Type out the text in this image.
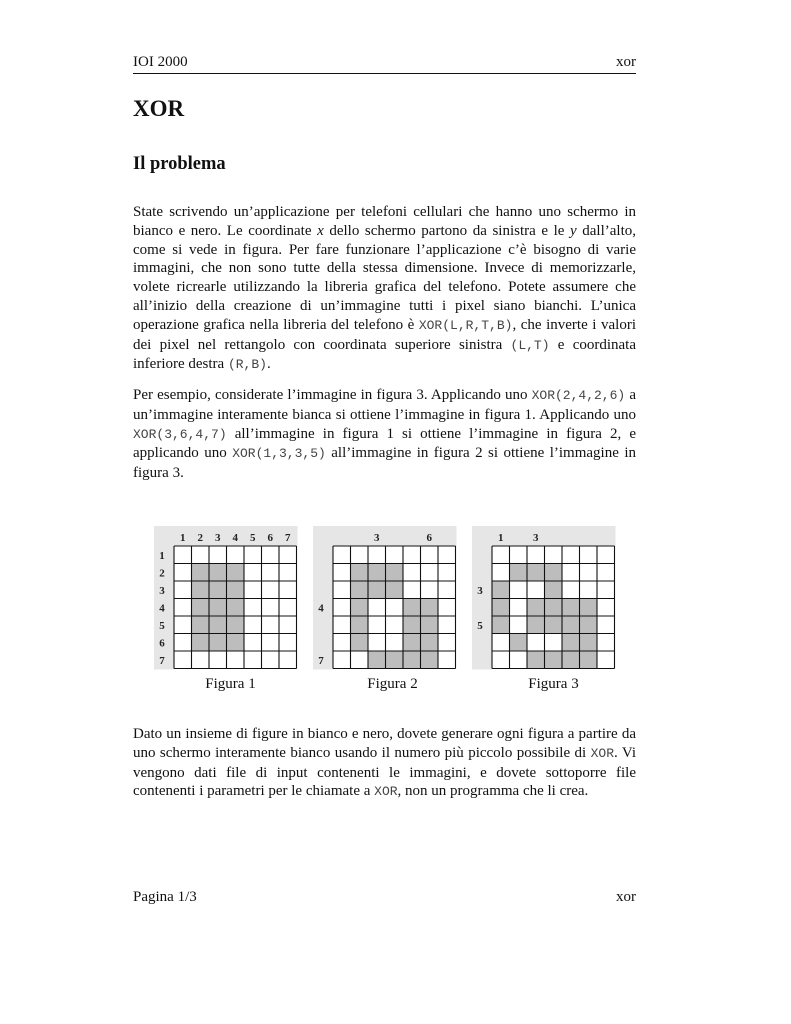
IOI 2000	xor
XOR
Il problema

State scrivendo un’applicazione per telefoni cellulari che hanno uno schermo in bianco e nero. Le coordinate x dello schermo partono da sinistra e le y dall’alto, come si vede in figura. Per fare funzionare l’applicazione c’è bisogno di varie immagini, che non sono tutte della stessa dimensione. Invece di memorizzarle, volete ricrearle utilizzando la libreria grafica del telefono. Potete assumere che all’inizio della creazione di un’immagine tutti i pixel siano bianchi. L’unica operazione grafica nella libreria del telefono è XOR(L,R,T,B), che inverte i valori dei pixel nel rettangolo con coordinata superiore sinistra (L,T) e coordinata inferiore destra (R,B).

Per esempio, considerate l’immagine in figura 3. Applicando uno XOR(2,4,2,6) a un’immagine interamente bianca si ottiene l’immagine in figura 1. Applicando uno XOR(3,6,4,7) all’immagine in figura 1 si ottiene l’immagine in figura 2, e applicando uno XOR(1,3,3,5) all’immagine in figura 2 si ottiene l’immagine in figura 3.

1 2 3 4 5 6 7
1
2
3
4
5
6
7
3	6
4
7
1	3
3
5
Figura 1	Figura 2	Figura 3

Dato un insieme di figure in bianco e nero, dovete generare ogni figura a partire da uno schermo interamente bianco usando il numero più piccolo possibile di XOR. Vi vengono dati file di input contenenti le immagini, e dovete sottoporre file contenenti i parametri per le chiamate a XOR, non un programma che li crea.

Pagina 1/3	xor
